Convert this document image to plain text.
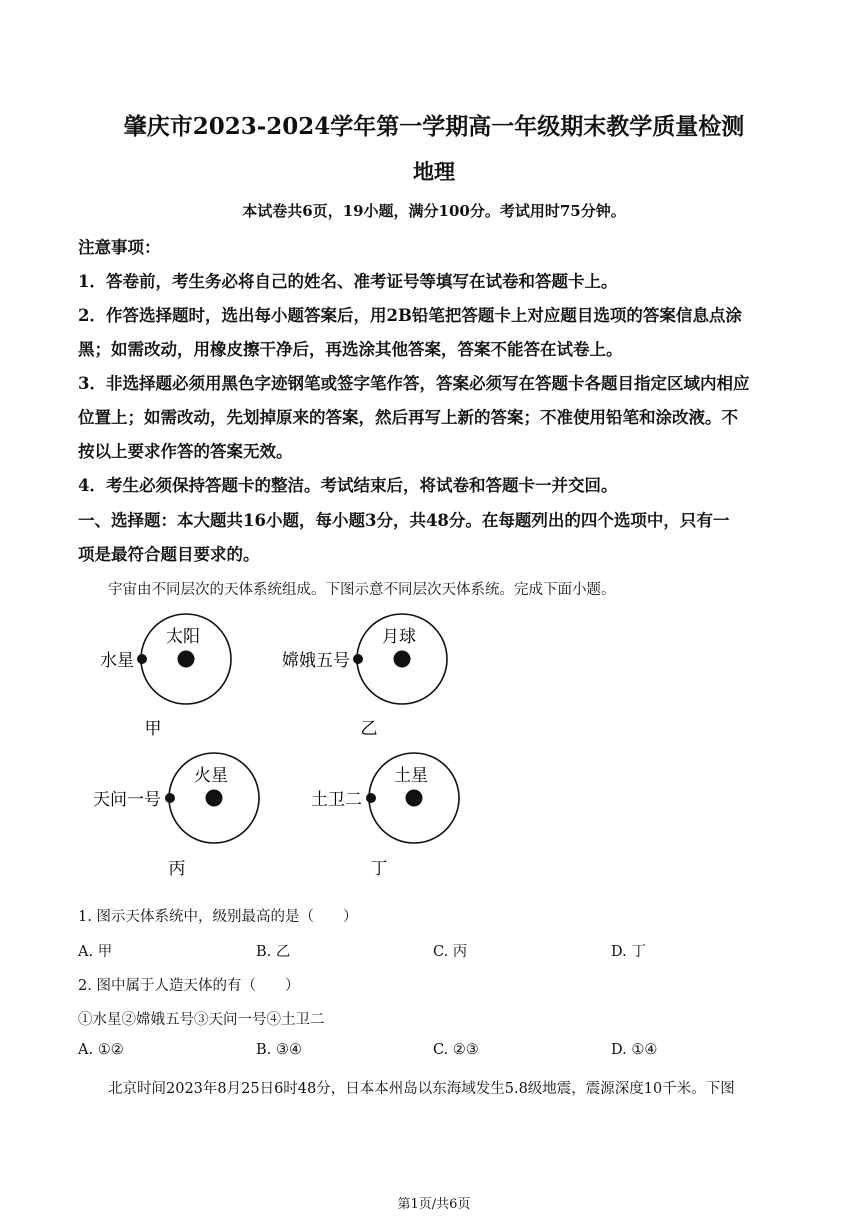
肇庆市2023-2024学年第一学期高一年级期末教学质量检测
地理
本试卷共6页，19小题，满分100分。考试用时75分钟。
注意事项：
1．答卷前，考生务必将自己的姓名、准考证号等填写在试卷和答题卡上。
2．作答选择题时，选出每小题答案后，用2B铅笔把答题卡上对应题目选项的答案信息点涂
黑；如需改动，用橡皮擦干净后，再选涂其他答案，答案不能答在试卷上。
3．非选择题必须用黑色字迹钢笔或签字笔作答，答案必须写在答题卡各题目指定区域内相应
位置上；如需改动，先划掉原来的答案，然后再写上新的答案；不准使用铅笔和涂改液。不
按以上要求作答的答案无效。
4．考生必须保持答题卡的整洁。考试结束后，将试卷和答题卡一并交回。
一、选择题：本大题共16小题，每小题3分，共48分。在每题列出的四个选项中，只有一
项是最符合题目要求的。
宇宙由不同层次的天体系统组成。下图示意不同层次天体系统。完成下面小题。
太阳
水星
甲
月球
嫦娥五号
乙
火星
天问一号
丙
土星
土卫二
丁
1. 图示天体系统中，级别最高的是（　　）
A. 甲	B. 乙	C. 丙	D. 丁
2. 图中属于人造天体的有（　　）
①水星②嫦娥五号③天问一号④土卫二
A. ①②	B. ③④	C. ②③	D. ①④
北京时间2023年8月25日6时48分，日本本州岛以东海域发生5.8级地震，震源深度10千米。下图
第1页/共6页
